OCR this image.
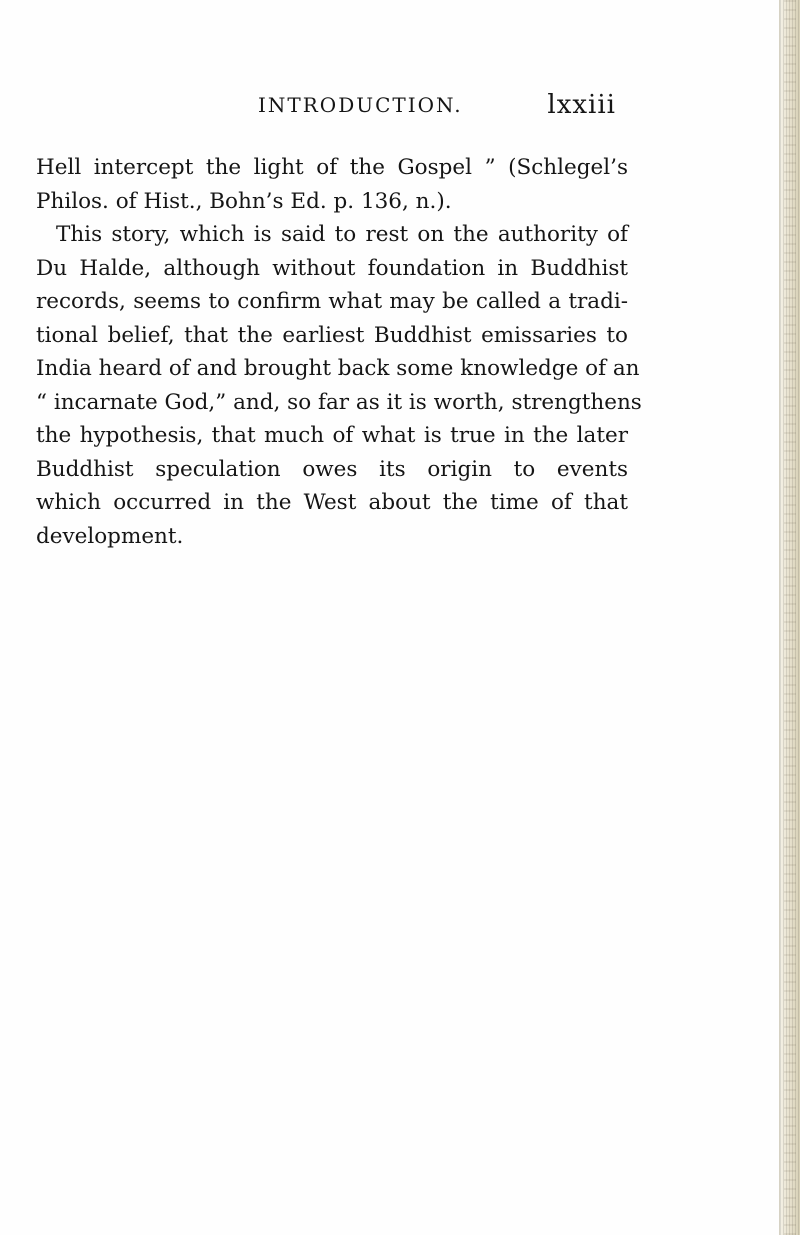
INTRODUCTION.	lxxiii
Hell intercept the light of the Gospel ” (Schlegel’s
Philos. of Hist., Bohn’s Ed. p. 136, n.).
This story, which is said to rest on the authority of
Du Halde, although without foundation in Buddhist
records, seems to confirm what may be called a tradi-
tional belief, that the earliest Buddhist emissaries to
India heard of and brought back some knowledge of an
“ incarnate God,” and, so far as it is worth, strengthens
the hypothesis, that much of what is true in the later
Buddhist speculation owes its origin to events
which occurred in the West about the time of that
development.
